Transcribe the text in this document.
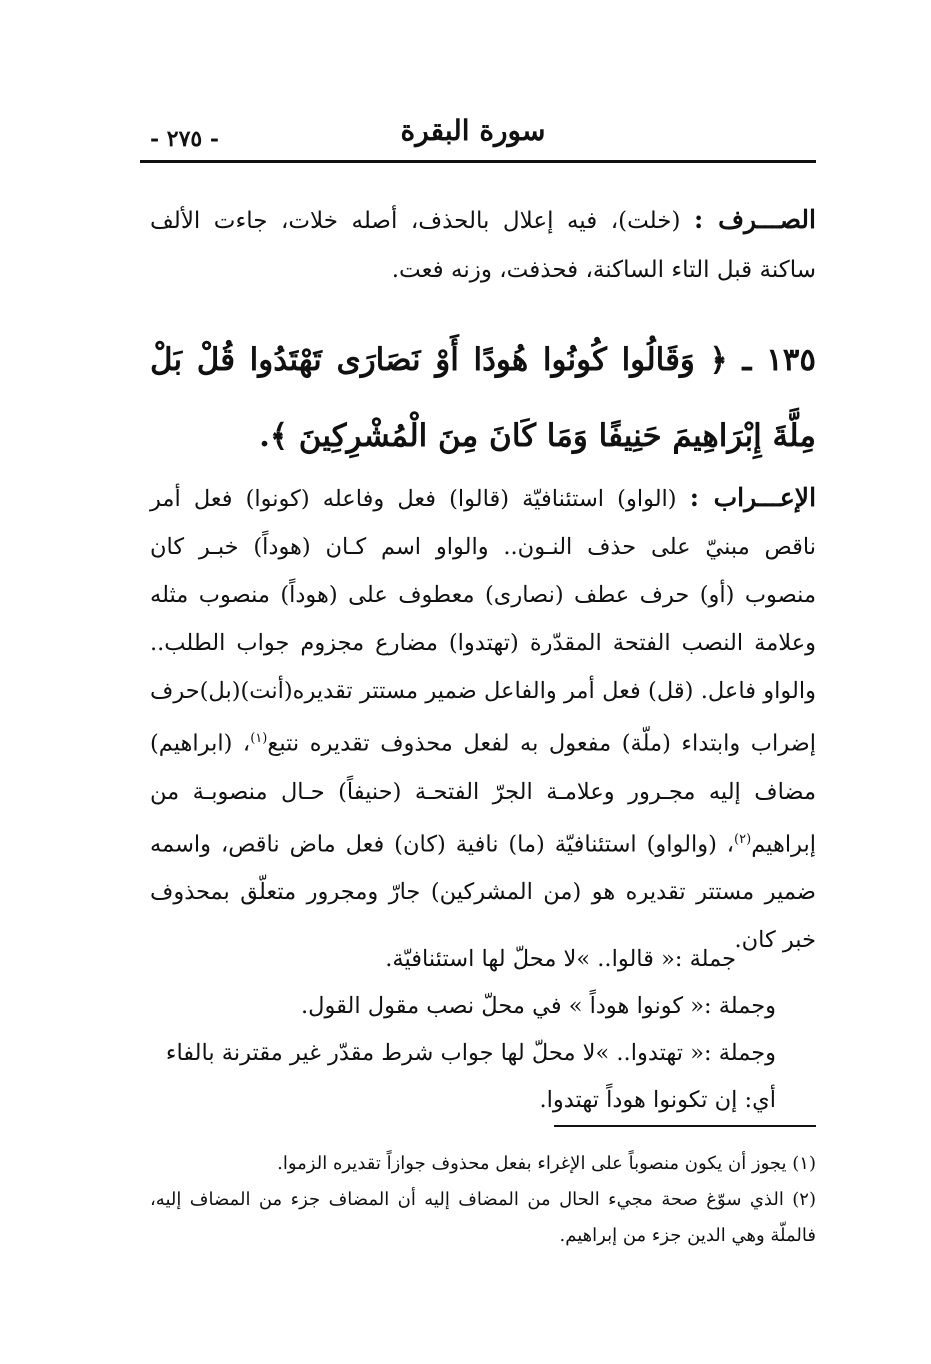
- ٢٧٥ -	سورة البقرة
الصـــرف : (خلت)، فيه إعلال بالحذف، أصله خلات، جاءت الألف ساكنة قبل التاء الساكنة، فحذفت، وزنه فعت.
١٣٥ ـ ﴿ وَقَالُوا كُونُوا هُودًا أَوْ نَصَارَى تَهْتَدُوا قُلْ بَلْ مِلَّةَ إِبْرَاهِيمَ حَنِيفًا وَمَا كَانَ مِنَ الْمُشْرِكِينَ ﴾.
الإعـــراب : (الواو) استئنافيّة (قالوا) فعل وفاعله (كونوا) فعل أمر ناقص مبنيّ على حذف النـون.. والواو اسم كـان (هوداً) خبـر كان منصوب (أو) حرف عطف (نصارى) معطوف على (هوداً) منصوب مثله وعلامة النصب الفتحة المقدّرة (تهتدوا) مضارع مجزوم جواب الطلب.. والواو فاعل. (قل) فعل أمر والفاعل ضمير مستتر تقديره(أنت)(بل)حرف إضراب وابتداء (ملّة) مفعول به لفعل محذوف تقديره نتبع$^{(١)}$، (ابراهيم) مضاف إليه مجـرور وعلامـة الجرّ الفتحـة (حنيفاً) حـال منصوبـة من إبراهيم$^{(٢)}$، (والواو) استئنافيّة (ما) نافية (كان) فعل ماض ناقص، واسمه ضمير مستتر تقديره هو (من المشركين) جارّ ومجرور متعلّق بمحذوف خبر كان.
جملة :« قالوا.. »لا محلّ لها استئنافيّة.
وجملة :« كونوا هوداً » في محلّ نصب مقول القول.
وجملة :« تهتدوا.. »لا محلّ لها جواب شرط مقدّر غير مقترنة بالفاء أي: إن تكونوا هوداً تهتدوا.
(١) يجوز أن يكون منصوباً على الإغراء بفعل محذوف جوازاً تقديره الزموا.
(٢) الذي سوّغ صحة مجيء الحال من المضاف إليه أن المضاف جزء من المضاف إليه، فالملّة وهي الدين جزء من إبراهيم.
